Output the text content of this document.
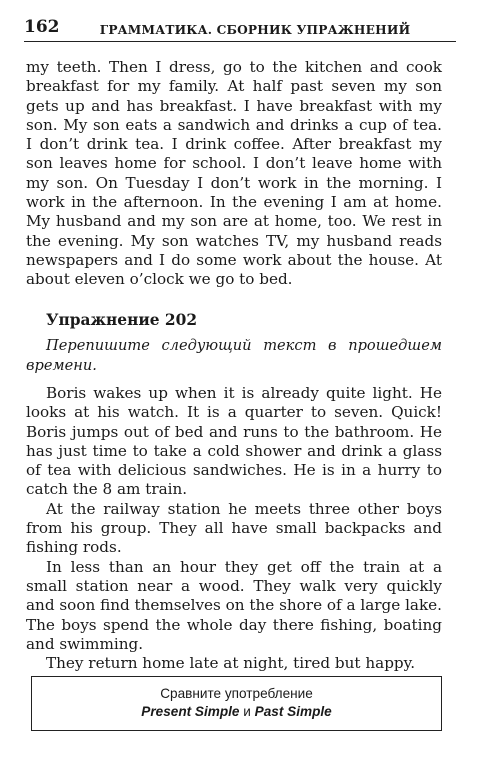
162	ГРАММАТИКА. СБОРНИК УПРАЖНЕНИЙ

my teeth. Then I dress, go to the kitchen and cook breakfast for my family. At half past seven my son gets up and has breakfast. I have breakfast with my son. My son eats a sandwich and drinks a cup of tea. I don’t drink tea. I drink coffee. After breakfast my son leaves home for school. I don’t leave home with my son. On Tuesday I don’t work in the morning. I work in the afternoon. In the evening I am at home. My husband and my son are at home, too. We rest in the evening. My son watches TV, my husband reads newspapers and I do some work about the house. At about eleven o’clock we go to bed.

Упражнение 202
Перепишите следующий текст в прошедшем времени.

Boris wakes up when it is already quite light. He looks at his watch. It is a quarter to seven. Quick! Boris jumps out of bed and runs to the bathroom. He has just time to take a cold shower and drink a glass of tea with delicious sandwiches. He is in a hurry to catch the 8 am train.

At the railway station he meets three other boys from his group. They all have small backpacks and fishing rods.

In less than an hour they get off the train at a small station near a wood. They walk very quickly and soon find themselves on the shore of a large lake. The boys spend the whole day there fishing, boating and swimming.

They return home late at night, tired but happy.

Сравните употребление
Present Simple и Past Simple
